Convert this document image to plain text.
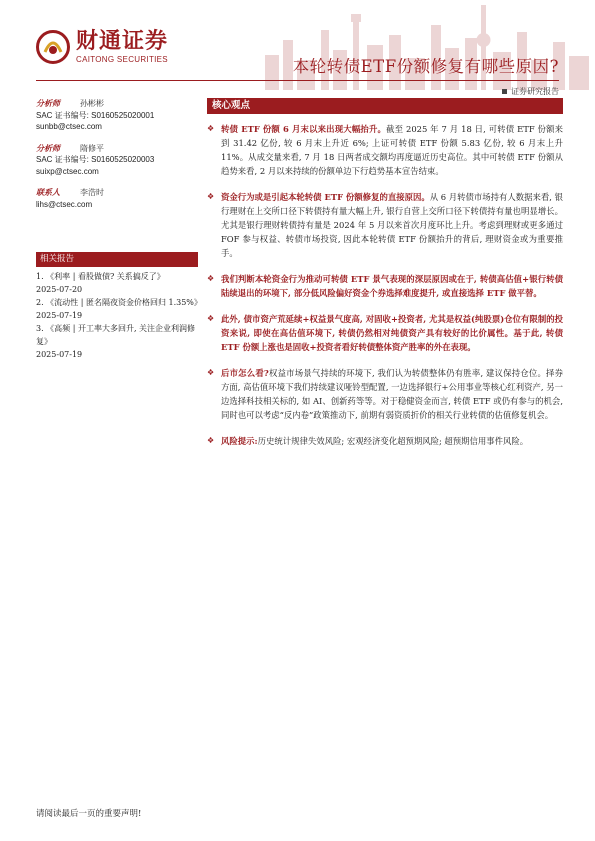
财通证券
CAITONG SECURITIES	本轮转债ETF份额修复有哪些原因?
证券研究报告
分析师	孙彬彬
SAC 证书编号: S0160525020001
sunbb@ctsec.com
分析师	隋修平
SAC 证书编号: S0160525020003
suixp@ctsec.com
联系人	李浩时
lihs@ctsec.com
相关报告
1. 《利率 | 看股做债? 关系搞反了》
2025-07-20
2. 《流动性 | 匿名隔夜资金价格回归 1.35%》
2025-07-19
3. 《高频 | 开工率大多回升, 关注企业利润修复》
2025-07-19
核心观点
❖ 转债 ETF 份额 6 月末以来出现大幅抬升。截至 2025 年 7 月 18 日, 可转债 ETF 份额来到 31.42 亿份, 较 6 月末上升近 6%; 上证可转债 ETF 份额 5.83 亿份, 较 6 月末上升 11%。从成交量来看, 7 月 18 日两者成交额均再度逼近历史高位。其中可转债 ETF 份额从趋势来看, 2 月以来持续的份额单边下行趋势基本宣告结束。
❖ 资金行为或是引起本轮转债 ETF 份额修复的直接原因。从 6 月转债市场持有人数据来看, 银行理财在上交所口径下转债持有量大幅上升, 银行自营上交所口径下转债持有量也明显增长。尤其是银行理财转债持有量是 2024 年 5 月以来首次月度环比上升。考虑到理财或更多通过 FOF 参与权益、转债市场投资, 因此本轮转债 ETF 份额抬升的背后, 理财资金或为重要推手。
❖ 我们判断本轮资金行为推动可转债 ETF 景气表现的深层原因或在于, 转债高估值+银行转债陆续退出的环境下, 部分低风险偏好资金个券选择难度提升, 或直接选择 ETF 做平替。
❖ 此外, 债市资产荒延续+权益景气度高, 对固收+投资者, 尤其是权益(纯股票)仓位有限制的投资来说, 即使在高估值环境下, 转债仍然相对纯债资产具有较好的比价属性。基于此, 转债 ETF 份额上涨也是固收+投资者看好转债整体资产胜率的外在表现。
❖ 后市怎么看?权益市场景气持续的环境下, 我们认为转债整体仍有胜率, 建议保持仓位。择券方面, 高估值环境下我们持续建议哑铃型配置, 一边选择银行+公用事业等核心红利资产, 另一边选择科技相关标的, 如 AI、创新药等等。对于稳健资金而言, 转债 ETF 或仍有参与的机会, 同时也可以考虑“反内卷”政策推动下, 前期有弱资质折价的相关行业转债的估值修复机会。
❖ 风险提示:历史统计规律失效风险; 宏观经济变化超预期风险; 超预期信用事件风险。
请阅读最后一页的重要声明!
